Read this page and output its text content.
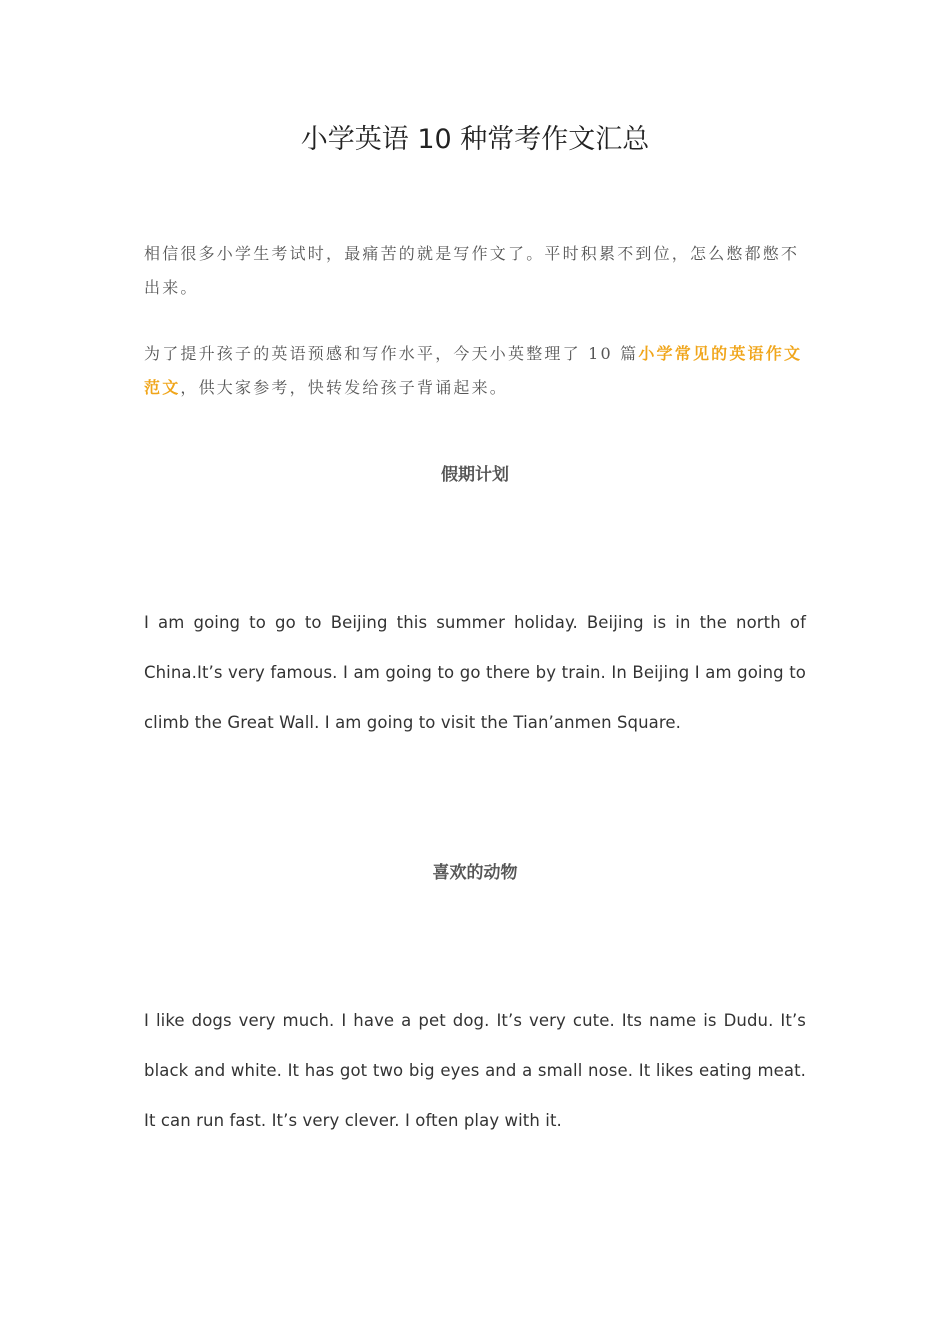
小学英语 10 种常考作文汇总

相信很多小学生考试时，最痛苦的就是写作文了。平时积累不到位，怎么憋都憋不出来。

为了提升孩子的英语预感和写作水平，今天小英整理了 10 篇小学常见的英语作文范文，供大家参考，快转发给孩子背诵起来。

假期计划

I am going to go to Beijing this summer holiday. Beijing is in the north of China.It’s very famous. I am going to go there by train. In Beijing I am going to climb the Great Wall. I am going to visit the Tian’anmen Square.

喜欢的动物

I like dogs very much. I have a pet dog. It’s very cute. Its name is Dudu. It’s black and white. It has got two big eyes and a small nose. It likes eating meat. It can run fast. It’s very clever. I often play with it.
